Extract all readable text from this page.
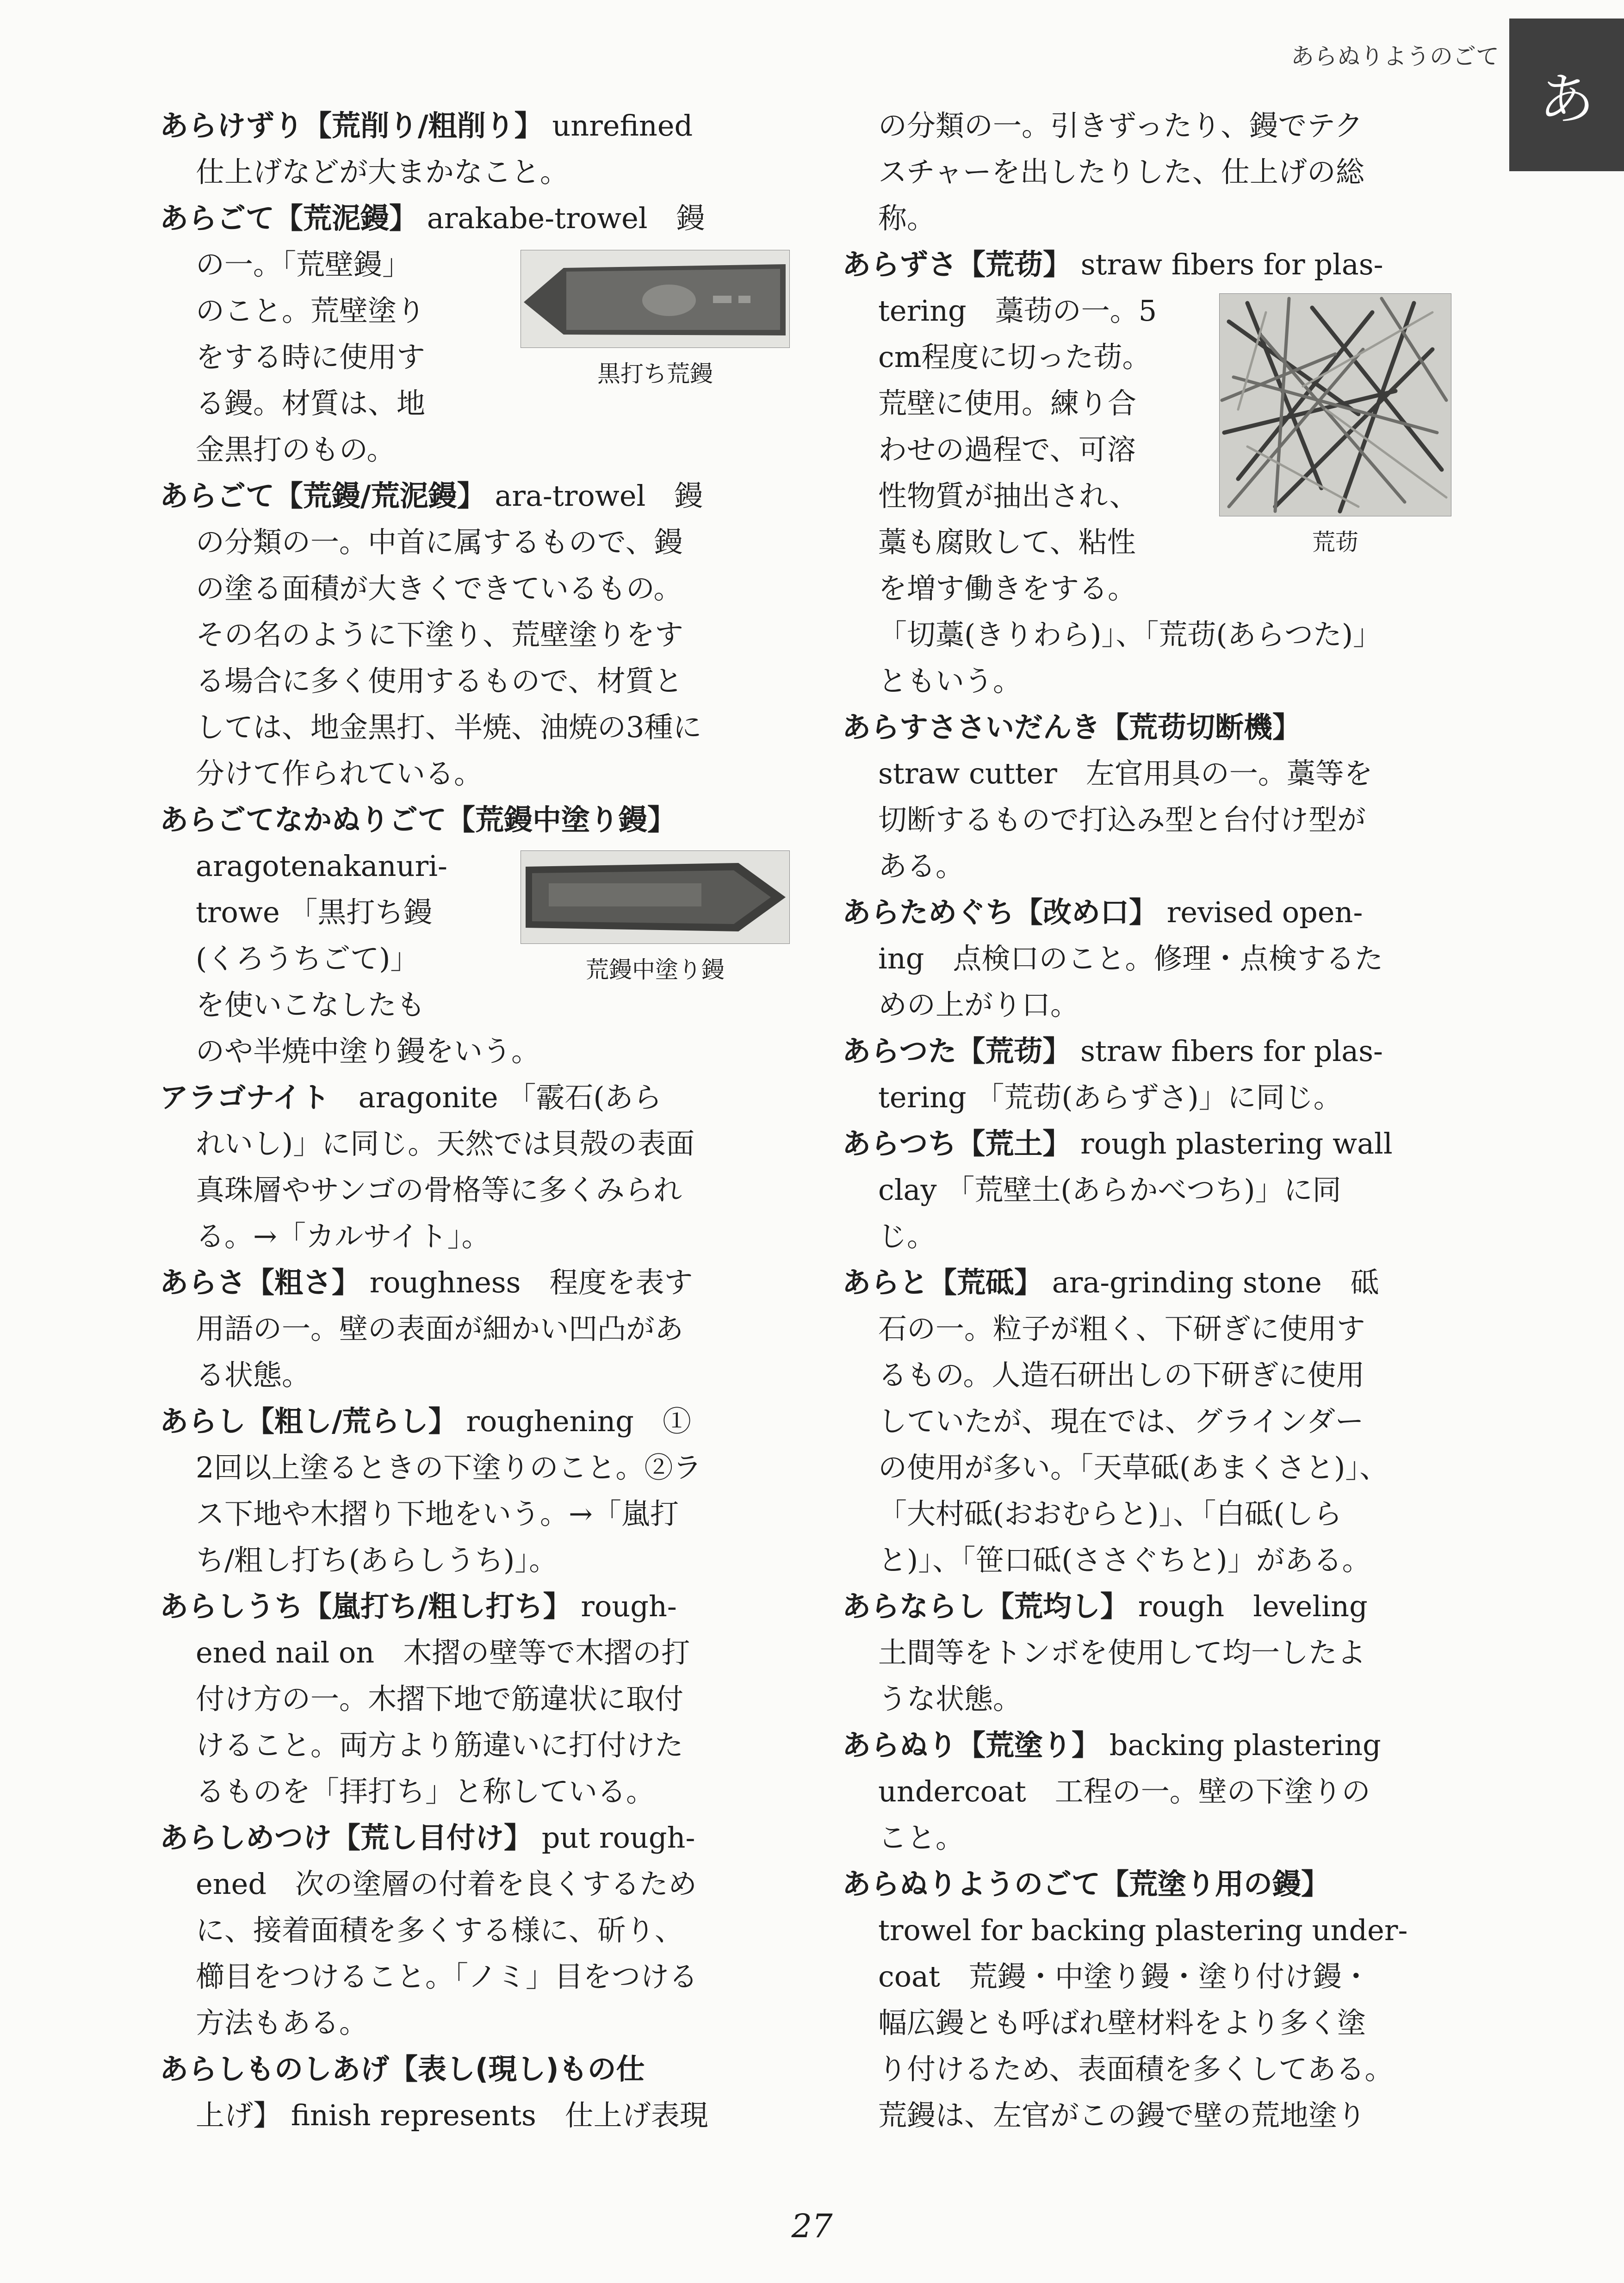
あらぬりようのごて
あ
あらけずり【荒削り/粗削り】 unrefined
仕上げなどが大まかなこと。
あらごて【荒泥鏝】 arakabe-trowel　鏝
の一。「荒壁鏝」
のこと。荒壁塗り
をする時に使用す
る鏝。材質は、地
金黒打のもの。
黒打ち荒鏝
あらごて【荒鏝/荒泥鏝】 ara-trowel　鏝
の分類の一。中首に属するもので、鏝
の塗る面積が大きくできているもの。
その名のように下塗り、荒壁塗りをす
る場合に多く使用するもので、材質と
しては、地金黒打、半焼、油焼の3種に
分けて作られている。
あらごてなかぬりごて【荒鏝中塗り鏝】
aragotenakanuri-
trowe 「黒打ち鏝
(くろうちごて)」
を使いこなしたも
のや半焼中塗り鏝をいう。
荒鏝中塗り鏝
アラゴナイト　aragonite 「霰石(あら
れいし)」に同じ。天然では貝殻の表面
真珠層やサンゴの骨格等に多くみられ
る。→「カルサイト」。
あらさ【粗さ】 roughness　程度を表す
用語の一。壁の表面が細かい凹凸があ
る状態。
あらし【粗し/荒らし】 roughening　①
2回以上塗るときの下塗りのこと。②ラ
ス下地や木摺り下地をいう。→「嵐打
ち/粗し打ち(あらしうち)」。
あらしうち【嵐打ち/粗し打ち】 rough-
ened nail on　木摺の壁等で木摺の打
付け方の一。木摺下地で筋違状に取付
けること。両方より筋違いに打付けた
るものを「拝打ち」と称している。
あらしめつけ【荒し目付け】 put rough-
ened　次の塗層の付着を良くするため
に、接着面積を多くする様に、斫り、
櫛目をつけること。「ノミ」目をつける
方法もある。
あらしものしあげ【表し(現し)もの仕
上げ】 finish represents　仕上げ表現
の分類の一。引きずったり、鏝でテク
スチャーを出したりした、仕上げの総
称。
あらずさ【荒苆】 straw fibers for plas-
tering　藁苆の一。5
cm程度に切った苆。
荒壁に使用。練り合
わせの過程で、可溶
性物質が抽出され、
藁も腐敗して、粘性
を増す働きをする。
「切藁(きりわら)」、「荒苆(あらつた)」
ともいう。
荒苆
あらすささいだんき【荒苆切断機】
straw cutter　左官用具の一。藁等を
切断するもので打込み型と台付け型が
ある。
あらためぐち【改め口】 revised open-
ing　点検口のこと。修理・点検するた
めの上がり口。
あらつた【荒苆】 straw fibers for plas-
tering 「荒苆(あらずさ)」に同じ。
あらつち【荒土】 rough plastering wall
clay 「荒壁土(あらかべつち)」に同
じ。
あらと【荒砥】 ara-grinding stone　砥
石の一。粒子が粗く、下研ぎに使用す
るもの。人造石研出しの下研ぎに使用
していたが、現在では、グラインダー
の使用が多い。「天草砥(あまくさと)」、
「大村砥(おおむらと)」、「白砥(しら
と)」、「笹口砥(ささぐちと)」がある。
あらならし【荒均し】 rough　leveling
土間等をトンボを使用して均一したよ
うな状態。
あらぬり【荒塗り】 backing plastering
undercoat　工程の一。壁の下塗りの
こと。
あらぬりようのごて【荒塗り用の鏝】
trowel for backing plastering under-
coat　荒鏝・中塗り鏝・塗り付け鏝・
幅広鏝とも呼ばれ壁材料をより多く塗
り付けるため、表面積を多くしてある。
荒鏝は、左官がこの鏝で壁の荒地塗り
27
